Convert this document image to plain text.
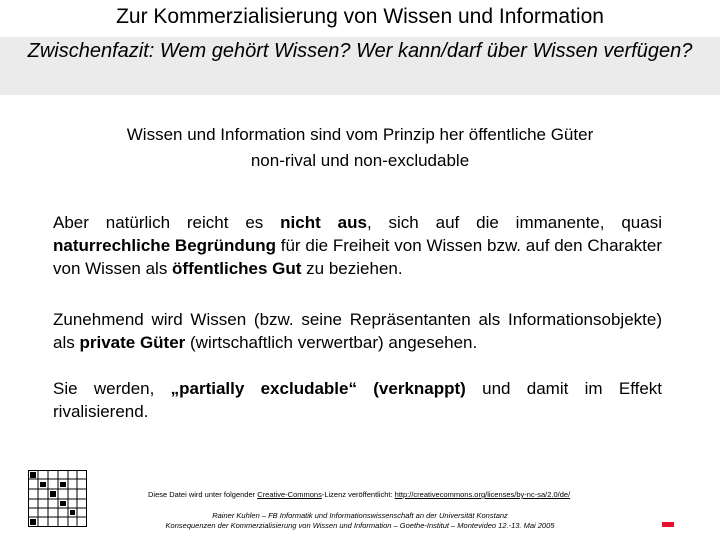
Zur Kommerzialisierung von Wissen und Information
Zwischenfazit: Wem gehört Wissen? Wer kann/darf über Wissen verfügen?
Wissen und Information sind vom Prinzip her öffentliche Güter
non-rival und non-excludable
Aber natürlich reicht es nicht aus, sich auf die immanente, quasi naturrechliche Begründung für die Freiheit von Wissen bzw. auf den Charakter von Wissen als öffentliches Gut zu beziehen.
Zunehmend wird Wissen (bzw. seine Repräsentanten als Informationsobjekte) als private Güter (wirtschaftlich verwertbar) angesehen.
Sie werden, „partially excludable“ (verknappt) und damit im Effekt rivalisierend.
Diese Datei wird unter folgender Creative-Commons-Lizenz veröffentlicht: http://creativecommons.org/licenses/by-nc-sa/2.0/de/
Rainer Kuhlen – FB Informatik und Informationswissenschaft an der Universität Konstanz
Konsequenzen der Kommerzialisierung von Wissen und Information – Goethe-Institut – Montevideo 12.-13. Mai 2005
